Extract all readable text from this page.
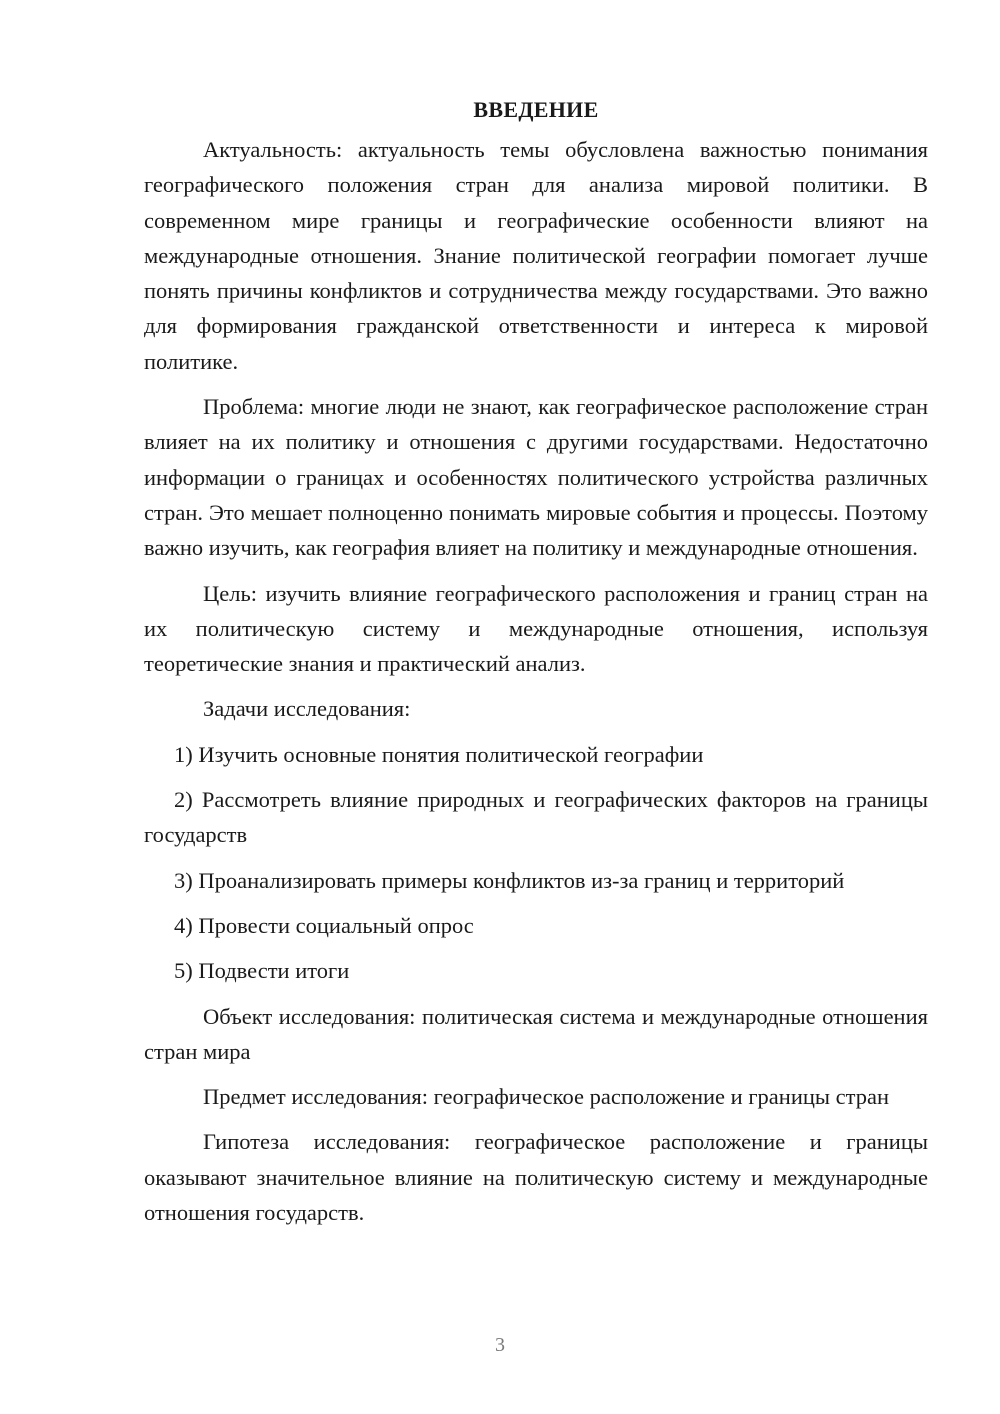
ВВЕДЕНИЕ

Актуальность: актуальность темы обусловлена важностью понимания географического положения стран для анализа мировой политики. В современном мире границы и географические особенности влияют на международные отношения. Знание политической географии помогает лучше понять причины конфликтов и сотрудничества между государствами. Это важно для формирования гражданской ответственности и интереса к мировой политике.

Проблема: многие люди не знают, как географическое расположение стран влияет на их политику и отношения с другими государствами. Недостаточно информации о границах и особенностях политического устройства различных стран. Это мешает полноценно понимать мировые события и процессы. Поэтому важно изучить, как география влияет на политику и международные отношения.

Цель: изучить влияние географического расположения и границ стран на их политическую систему и международные отношения, используя теоретические знания и практический анализ.

Задачи исследования:

1) Изучить основные понятия политической географии

2) Рассмотреть влияние природных и географических факторов на границы государств

3) Проанализировать примеры конфликтов из-за границ и территорий

4) Провести социальный опрос

5) Подвести итоги

Объект исследования: политическая система и международные отношения стран мира

Предмет исследования: географическое расположение и границы стран

Гипотеза исследования: географическое расположение и границы оказывают значительное влияние на политическую систему и международные отношения государств.

3
